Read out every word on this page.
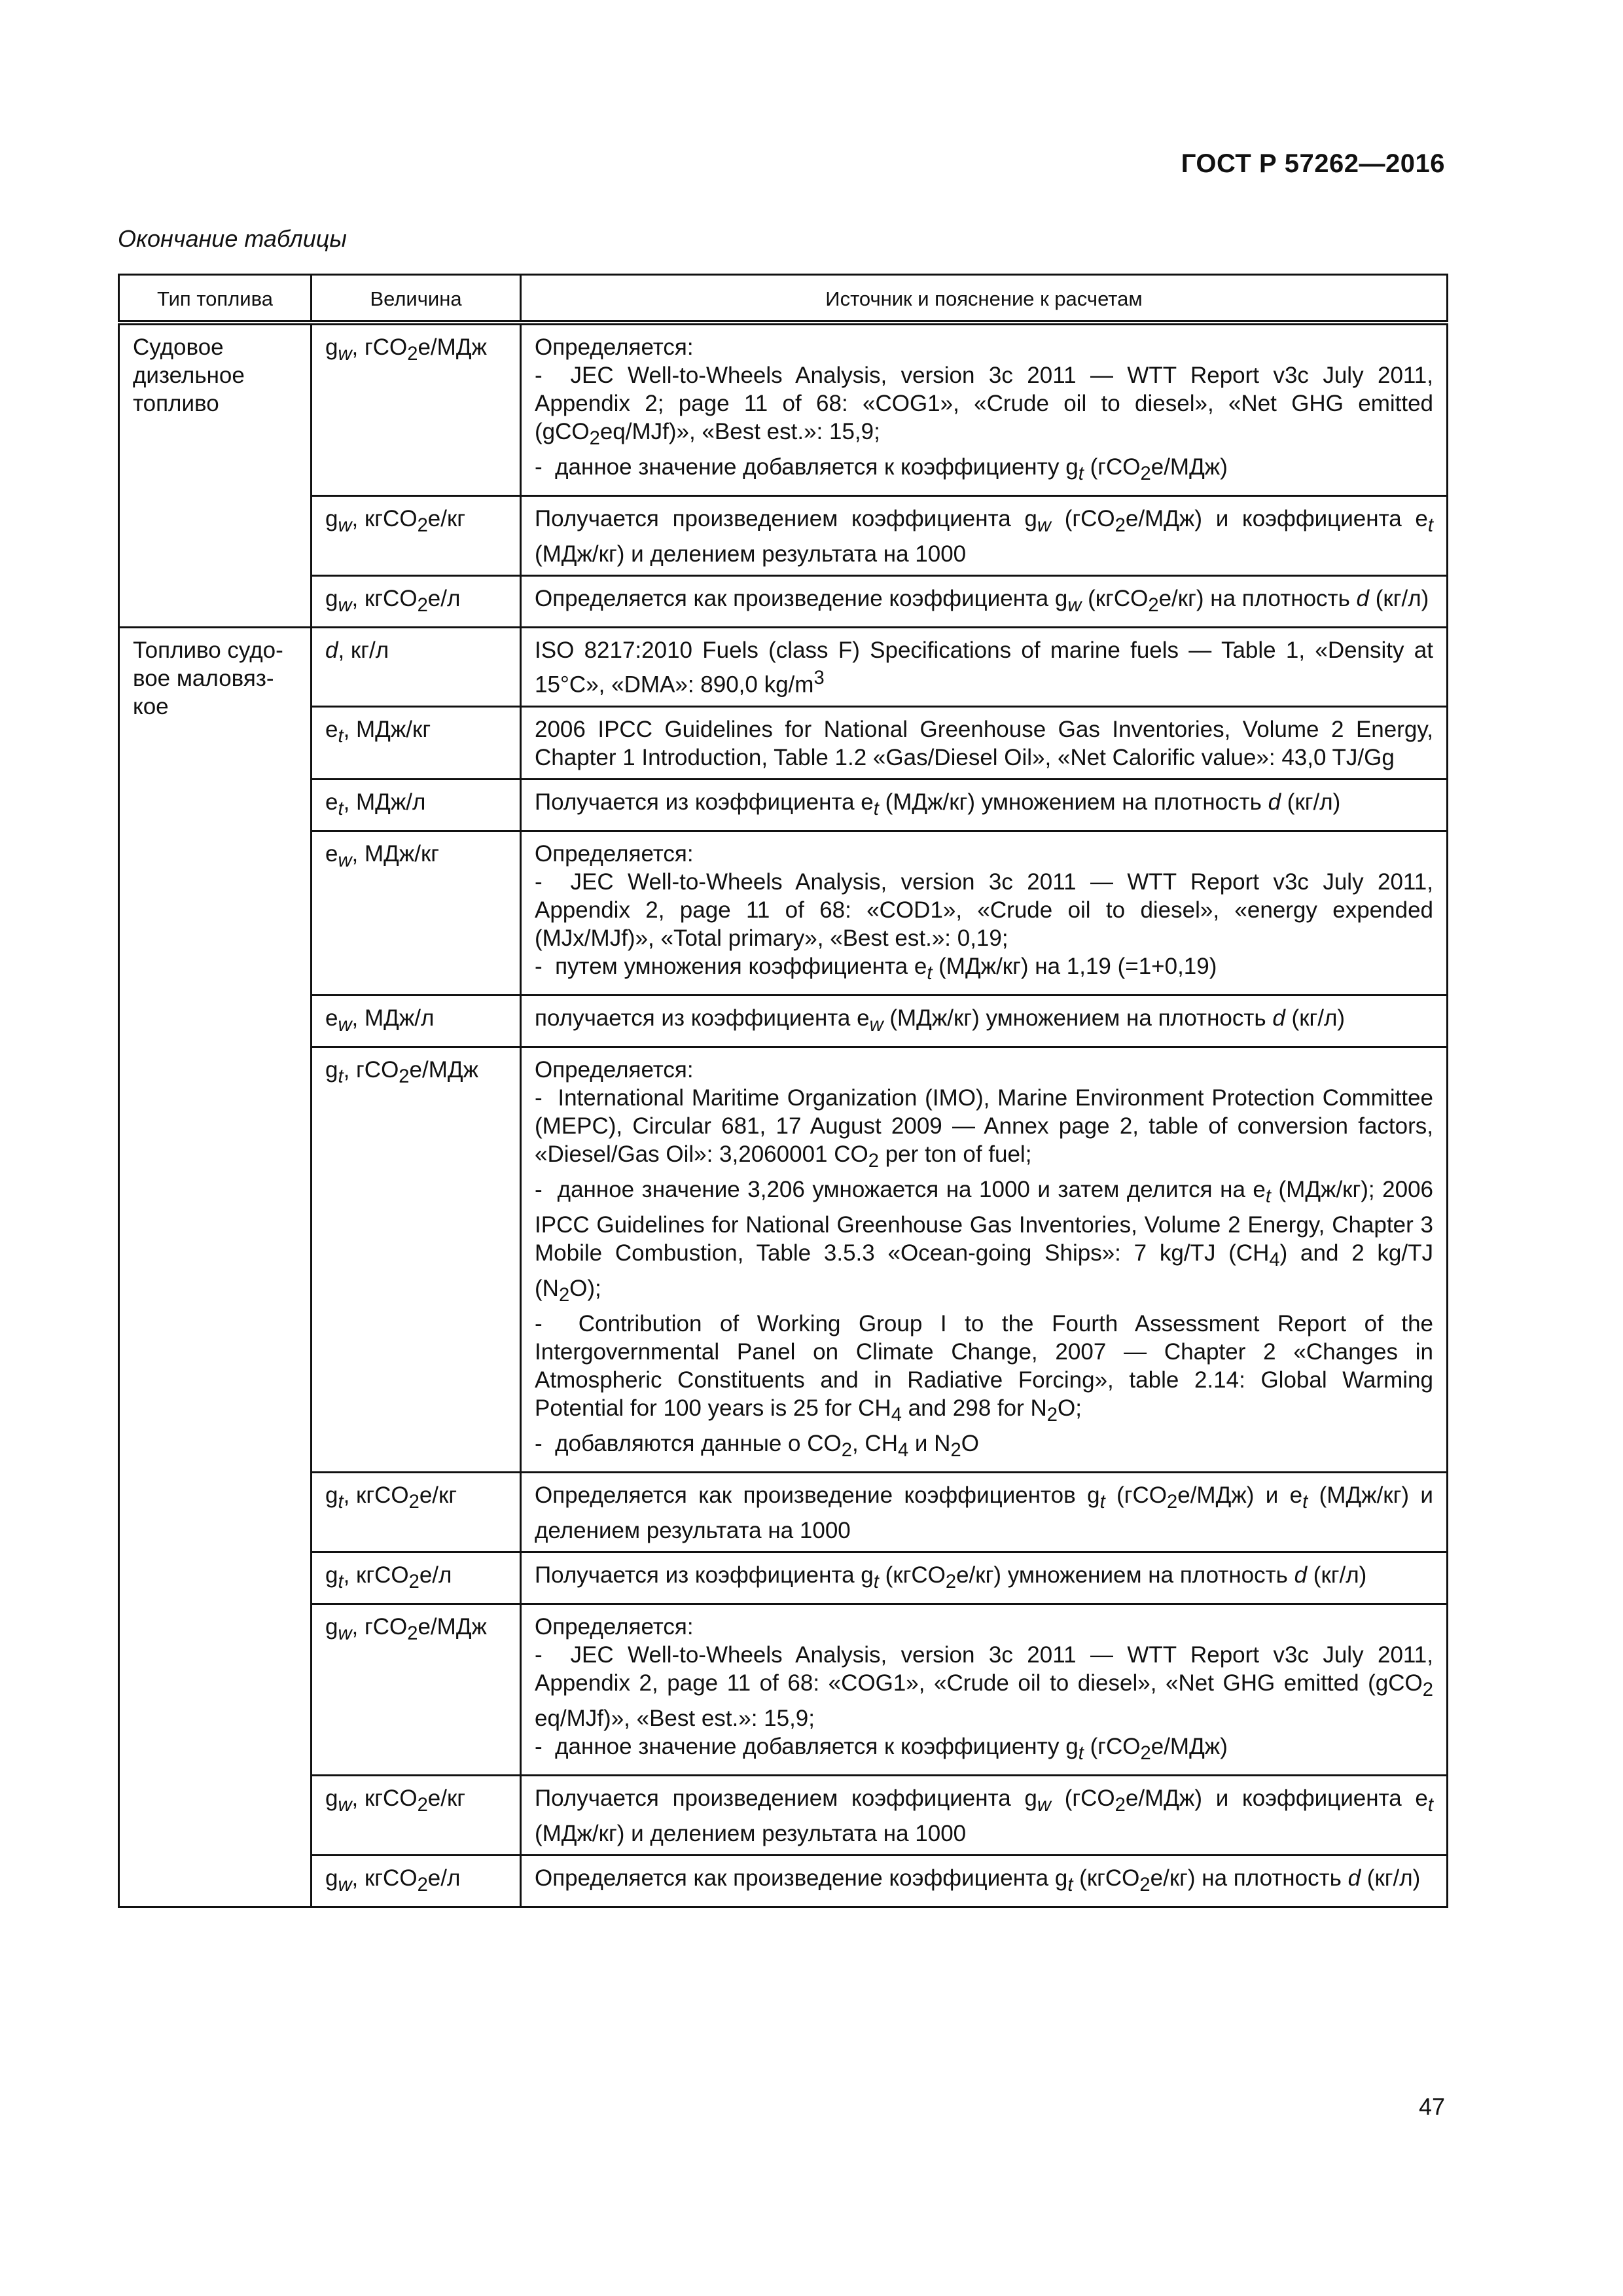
ГОСТ Р 57262—2016
Окончание таблицы
Тип топлива	Величина	Источник и пояснение к расчетам
Судовое дизельное топливо	$g_w$, гCO$_2$е/МДж	Определяется:
-  JEC Well-to-Wheels Analysis, version 3c 2011 — WTT Report v3c July 2011, Appendix 2; page 11 of 68: «COG1», «Crude oil to diesel», «Net GHG emitted (gCO$_2$eq/MJf)», «Best est.»: 15,9;
-  данное значение добавляется к коэффициенту $g_t$ (гCO$_2$е/МДж)
	$g_w$, кгCO$_2$е/кг	Получается произведением коэффициента $g_w$ (гCO$_2$е/МДж) и коэффициента $e_t$ (МДж/кг) и делением результата на 1000
	$g_w$, кгCO$_2$е/л	Определяется как произведение коэффициента $g_w$ (кгCO$_2$е/кг) на плотность d (кг/л)
Топливо судо-вое маловяз-кое	d, кг/л	ISO 8217:2010 Fuels (class F) Specifications of marine fuels — Table 1, «Density at 15°C», «DMA»: 890,0 $kg/m^3$
	$e_t$, МДж/кг	2006 IPCC Guidelines for National Greenhouse Gas Inventories, Volume 2 Energy, Chapter 1 Introduction, Table 1.2 «Gas/Diesel Oil», «Net Calorific value»: 43,0 TJ/Gg
	$e_t$, МДж/л	Получается из коэффициента $e_t$ (МДж/кг) умножением на плотность d (кг/л)
	$e_w$, МДж/кг	Определяется:
-  JEC Well-to-Wheels Analysis, version 3c 2011 — WTT Report v3c July 2011, Appendix 2, page 11 of 68: «COD1», «Crude oil to diesel», «energy expended (MJx/MJf)», «Total primary», «Best est.»: 0,19;
-  путем умножения коэффициента $e_t$ (МДж/кг) на 1,19 (=1+0,19)
	$e_w$, МДж/л	получается из коэффициента $e_w$ (МДж/кг) умножением на плотность d (кг/л)
	$g_t$, гCO$_2$е/МДж	Определяется:
-  International Maritime Organization (IMO), Marine Environment Protection Committee (MEPC), Circular 681, 17 August 2009 — Annex page 2, table of conversion factors, «Diesel/Gas Oil»: 3,2060001 $CO_2$ per ton of fuel;
-  данное значение 3,206 умножается на 1000 и затем делится на $e_t$ (МДж/кг); 2006 IPCC Guidelines for National Greenhouse Gas Inventories, Volume 2 Energy, Chapter 3 Mobile Combustion, Table 3.5.3 «Ocean-going Ships»: 7 kg/TJ $(CH_4)$ and 2 kg/TJ $(N_2O)$;
-  Contribution of Working Group I to the Fourth Assessment Report of the Intergovernmental Panel on Climate Change, 2007 — Chapter 2 «Changes in Atmospheric Constituents and in Radiative Forcing», table 2.14: Global Warming Potential for 100 years is 25 for $CH_4$ and 298 for $N_2O$;
-  добавляются данные о $CO_2$, $CH_4$ и $N_2O$
	$g_t$, кгCO$_2$е/кг	Определяется как произведение коэффициентов $g_t$ (гCO$_2$е/МДж) и $e_t$ (МДж/кг) и делением результата на 1000
	$g_t$, кгCO$_2$е/л	Получается из коэффициента $g_t$ (кгCO$_2$е/кг) умножением на плотность d (кг/л)
	$g_w$, гCO$_2$е/МДж	Определяется:
-  JEC Well-to-Wheels Analysis, version 3c 2011 — WTT Report v3c July 2011, Appendix 2, page 11 of 68: «COG1», «Crude oil to diesel», «Net GHG emitted (gCO$_2$ eq/MJf)», «Best est.»: 15,9;
-  данное значение добавляется к коэффициенту $g_t$ (гCO$_2$е/МДж)
	$g_w$, кгCO$_2$е/кг	Получается произведением коэффициента $g_w$ (гCO$_2$е/МДж) и коэффициента $e_t$ (МДж/кг) и делением результата на 1000
	$g_w$, кгCO$_2$е/л	Определяется как произведение коэффициента $g_t$ (кгCO$_2$е/кг) на плотность d (кг/л)
47
